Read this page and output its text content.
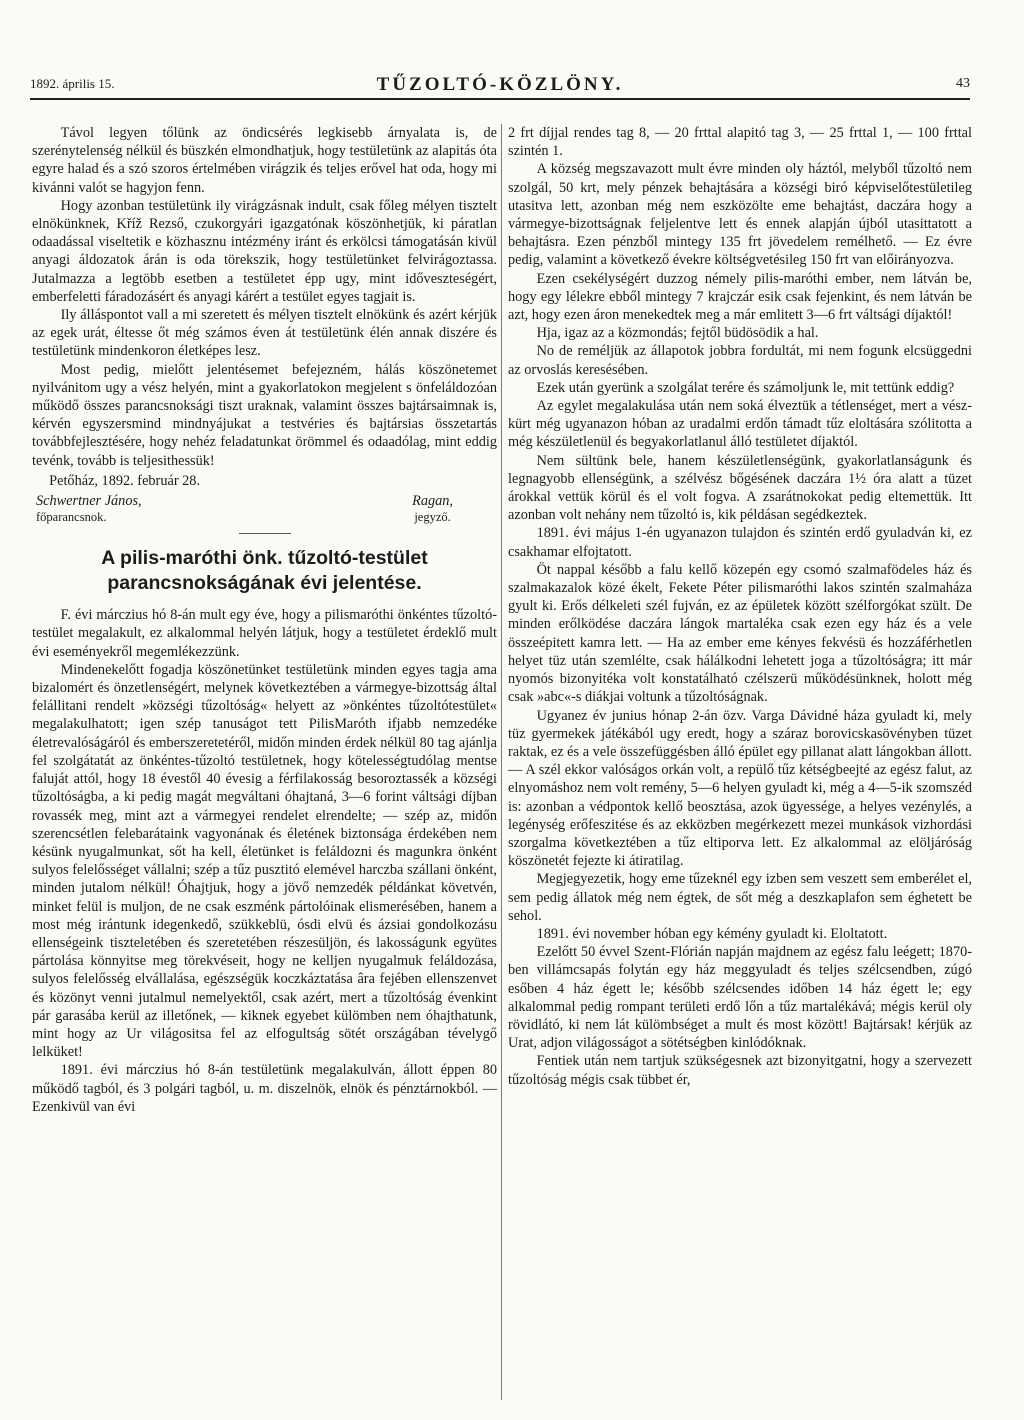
1892. április 15.	TŰZOLTÓ-KÖZLÖNY.	43

Távol legyen tőlünk az öndicsérés legkisebb árnyalata is, de szerénytelenség nélkül és büszkén elmondhatjuk, hogy testületünk az alapitás óta egyre halad és a szó szoros értelmében virágzik és teljes erővel hat oda, hogy mi kivánni valót se hagyjon fenn.

Hogy azonban testületünk ily virágzásnak indult, csak főleg mélyen tisztelt elnökünknek, Kříž Rezső, czukorgyári igazgatónak köszönhetjük, ki páratlan odaadással viseltetik e közhasznu intézmény iránt és erkölcsi támogatásán kivül anyagi áldozatok árán is oda törekszik, hogy testületünket felvirágoztassa. Jutalmazza a legtöbb esetben a testületet épp ugy, mint időveszteségért, emberfeletti fáradozásért és anyagi kárért a testület egyes tagjait is.

Ily álláspontot vall a mi szeretett és mélyen tisztelt elnökünk és azért kérjük az egek urát, éltesse őt még számos éven át testületünk élén annak diszére és testületünk mindenkoron életképes lesz.

Most pedig, mielőtt jelentésemet befejezném, hálás köszönetemet nyilvánitom ugy a vész helyén, mint a gyakorlatokon megjelent s önfeláldozóan működő összes parancsnoksági tiszt uraknak, valamint összes bajtársaimnak is, kérvén egyszersmind mindnyájukat a testvéries és bajtársias összetartás továbbfejlesztésére, hogy nehéz feladatunkat örömmel és odaadólag, mint eddig tevénk, tovább is teljesithessük!

Petőház, 1892. február 28.

Schwertner János,
főparancsnok.
Ragan,
jegyző.
A pilis-maróthi önk. tűzoltó-testület parancsnokságának évi jelentése.

F. évi márczius hó 8-án mult egy éve, hogy a pilismaróthi önkéntes tűzoltó-testület megalakult, ez alkalommal helyén látjuk, hogy a testületet érdeklő mult évi eseményekről megemlékezzünk.

Mindenekelőtt fogadja köszönetünket testületünk minden egyes tagja ama bizalomért és önzetlenségért, melynek következtében a vármegye-bizottság által felállitani rendelt »községi tűzoltóság« helyett az »önkéntes tűzoltótestület« megalakulhatott; igen szép tanuságot tett PilisMaróth ifjabb nemzedéke életrevalóságáról és emberszeretetéről, midőn minden érdek nélkül 80 tag ajánlja fel szolgátatát az önkéntes-tűzoltó testületnek, hogy kötelességtudólag mentse faluját attól, hogy 18 évestől 40 évesig a férfilakosság besoroztassék a községi tűzoltóságba, a ki pedig magát megváltani óhajtaná, 3—6 forint váltsági díjban rovassék meg, mint azt a vármegyei rendelet elrendelte; — szép az, midőn szerencsétlen felebarátaink vagyonának és életének biztonsága érdekében nem késünk nyugalmunkat, sőt ha kell, életünket is feláldozni és magunkra önként sulyos felelősséget vállalni; szép a tűz pusztitó elemével harczba szállani önként, minden jutalom nélkül! Óhajtjuk, hogy a jövő nemzedék példánkat követvén, minket felül is muljon, de ne csak eszménk pártolóinak elismerésében, hanem a most még irántunk idegenkedő, szükkeblü, ósdi elvü és ázsiai gondolkozásu ellenségeink tiszteletében és szeretetében részesüljön, és lakosságunk együtes pártolása könnyitse meg törekvéseit, hogy ne kelljen nyugalmuk feláldozása, sulyos felelősség elvállalása, egészségük koczkáztatása âra fejében ellenszenvet és közönyt venni jutalmul nemelyektől, csak azért, mert a tűzoltóság évenkint pár garasába kerül az illetőnek, — kiknek egyebet külömben nem óhajthatunk, mint hogy az Ur világositsa fel az elfogultság sötét országában tévelygő lelküket!

1891. évi márczius hó 8-án testületünk megalakulván, állott éppen 80 működő tagból, és 3 polgári tagból, u. m. diszelnök, elnök és pénztárnokból. — Ezenkivül van évi

2 frt díjjal rendes tag 8, — 20 frttal alapitó tag 3, — 25 frttal 1, — 100 frttal szintén 1.

A község megszavazott mult évre minden oly háztól, melyből tűzoltó nem szolgál, 50 krt, mely pénzek behajtására a községi biró képviselőtestületileg utasitva lett, azonban még nem eszközölte eme behajtást, daczára hogy a vármegye-bizottságnak feljelentve lett és ennek alapján újból utasittatott a behajtásra. Ezen pénzből mintegy 135 frt jövedelem remélhető. — Ez évre pedig, valamint a következő évekre költségvetésileg 150 frt van előirányozva.

Ezen csekélységért duzzog némely pilis-maróthi ember, nem látván be, hogy egy lélekre ebből mintegy 7 krajczár esik csak fejenkint, és nem látván be azt, hogy ezen áron menekedtek meg a már emlitett 3—6 frt váltsági díjaktól!

Hja, igaz az a közmondás; fejtől büdösödik a hal.

No de reméljük az állapotok jobbra fordultát, mi nem fogunk elcsüggedni az orvoslás keresésében.

Ezek után gyerünk a szolgálat terére és számoljunk le, mit tettünk eddig?

Az egylet megalakulása után nem soká élveztük a tétlenséget, mert a vész-kürt még ugyanazon hóban az uradalmi erdőn támadt tűz eloltására szólitotta a még készületlenül és begyakorlatlanul álló testületet díjaktól.

Nem sültünk bele, hanem készületlenségünk, gyakorlatlanságunk és legnagyobb ellenségünk, a szélvész bőgésének daczára 1½ óra alatt a tüzet árokkal vettük körül és el volt fogva. A zsarátnokokat pedig eltemettük. Itt azonban volt nehány nem tűzoltó is, kik példásan segédkeztek.

1891. évi május 1-én ugyanazon tulajdon és szintén erdő gyuladván ki, ez csakhamar elfojtatott.

Öt nappal később a falu kellő közepén egy csomó szalmafödeles ház és szalmakazalok közé ékelt, Fekete Péter pilismaróthi lakos szintén szalmaháza gyult ki. Erős délkeleti szél fujván, ez az épületek között szélforgókat szült. De minden erőlködése daczára lángok martaléka csak ezen egy ház és a vele összeépitett kamra lett. — Ha az ember eme kényes fekvésü és hozzáférhetlen helyet tüz után szemlélte, csak hálálkodni lehetett joga a tűzoltóságra; itt már nyomós bizonyitéka volt konstatálható czélszerü működésünknek, holott még csak »abc«-s diákjai voltunk a tűzoltóságnak.

Ugyanez év junius hónap 2-án özv. Varga Dávidné háza gyuladt ki, mely tüz gyermekek játékából ugy eredt, hogy a száraz borovicskasövényben tüzet raktak, ez és a vele összefüggésben álló épület egy pillanat alatt lángokban állott. — A szél ekkor valóságos orkán volt, a repülő tűz kétségbeejté az egész falut, az elnyomáshoz nem volt remény, 5—6 helyen gyuladt ki, még a 4—5-ik szomszéd is: azonban a védpontok kellő beosztása, azok ügyessége, a helyes vezénylés, a legénység erőfeszitése és az ekközben megérkezett mezei munkások vizhordási szorgalma következtében a tűz eltiporva lett. Ez alkalommal az elöljáróság köszönetét fejezte ki átiratilag.

Megjegyezetik, hogy eme tűzeknél egy izben sem veszett sem emberélet el, sem pedig állatok még nem égtek, de sőt még a deszkaplafon sem éghetett be sehol.

1891. évi november hóban egy kémény gyuladt ki. Eloltatott.

Ezelőtt 50 évvel Szent-Flórián napján majdnem az egész falu leégett; 1870-ben villámcsapás folytán egy ház meggyuladt és teljes szélcsendben, zúgó esőben 4 ház égett le; később szélcsendes időben 14 ház égett le; egy alkalommal pedig rompant területi erdő lőn a tűz martalékává; mégis kerül oly rövidlátó, ki nem lát külömbséget a mult és most között! Bajtársak! kérjük az Urat, adjon világosságot a sötétségben kinlódóknak.

Fentiek után nem tartjuk szükségesnek azt bizonyitgatni, hogy a szervezett tűzoltóság mégis csak tübbet ér,
